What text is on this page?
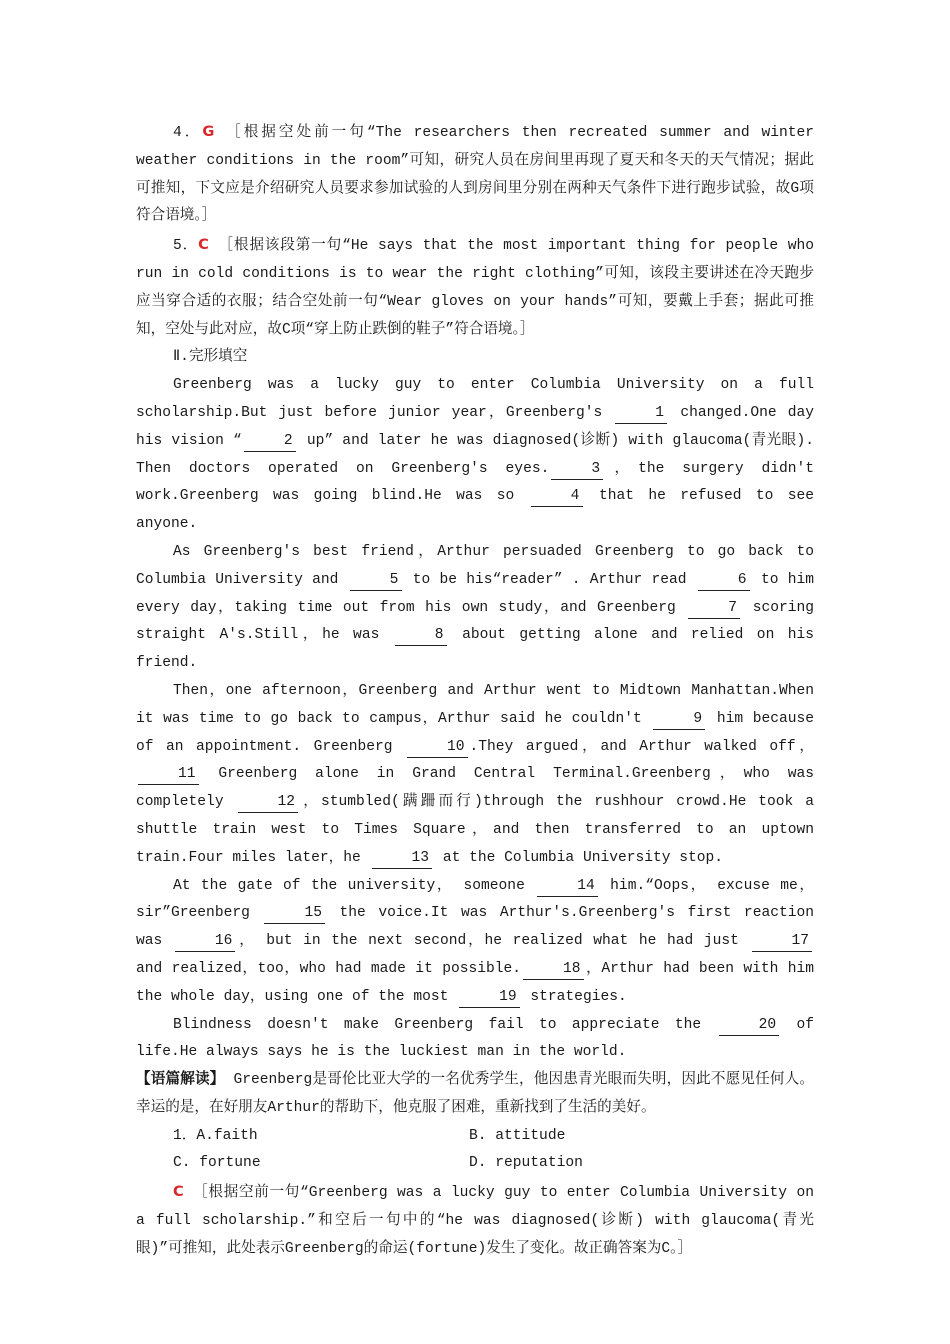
4．G ［根据空处前一句“The researchers then recreated summer and winter weather conditions in the room”可知，研究人员在房间里再现了夏天和冬天的天气情况；据此可推知，下文应是介绍研究人员要求参加试验的人到房间里分别在两种天气条件下进行跑步试验，故G项符合语境。］

5．C ［根据该段第一句“He says that the most important thing for people who run in cold conditions is to wear the right clothing”可知，该段主要讲述在冷天跑步应当穿合适的衣服；结合空处前一句“Wear gloves on your hands”可知，要戴上手套；据此可推知，空处与此对应，故C项“穿上防止跌倒的鞋子”符合语境。］

Ⅱ.完形填空

Greenberg was a lucky guy to enter Columbia University on a full scholarship.But just before junior year，Greenberg's	1 changed.One day his vision “	2 up” and later he was diagnosed(诊断) with glaucoma(青光眼). Then doctors operated on Greenberg's eyes.	3 ，the surgery didn't work.Greenberg was going blind.He was so	4 that he refused to see anyone.

As Greenberg's best friend，Arthur persuaded Greenberg to go back to Columbia University and	5 to be his“reader” . Arthur read	6 to him every day，taking time out from his own study，and Greenberg	7 scoring straight A's.Still，he was	8 about getting alone and relied on his friend.

Then，one afternoon，Greenberg and Arthur went to Midtown Manhattan.When it was time to go back to campus，Arthur said he couldn't	9 him because of an appointment. Greenberg	10 .They argued，and Arthur walked off，11 Greenberg alone in Grand Central Terminal.Greenberg，who was completely	12 ，stumbled(蹒跚而行)through the rushhour crowd.He took a shuttle train west to Times Square，and then transferred to an uptown train.Four miles later，he	13 at the Columbia University stop.

At the gate of the university， someone	14 him.“Oops， excuse me，sir”Greenberg	15 the voice.It was Arthur's.Greenberg's first reaction was	16 ， but in the next second，he realized what he had just	17 and realized，too，who had made it possible.	18 ，Arthur had been with him the whole day，using one of the most	19 strategies.

Blindness doesn't make Greenberg fail to appreciate the	20 of life.He always says he is the luckiest man in the world.

【语篇解读】 Greenberg是哥伦比亚大学的一名优秀学生，他因患青光眼而失明，因此不愿见任何人。幸运的是，在好朋友Arthur的帮助下，他克服了困难，重新找到了生活的美好。

1．A.faith	B. attitude
C. fortune	D. reputation

C ［根据空前一句“Greenberg was a lucky guy to enter Columbia University on a full scholarship.”和空后一句中的“he was diagnosed(诊断) with glaucoma(青光眼)”可推知，此处表示Greenberg的命运(fortune)发生了变化。故正确答案为C。］
